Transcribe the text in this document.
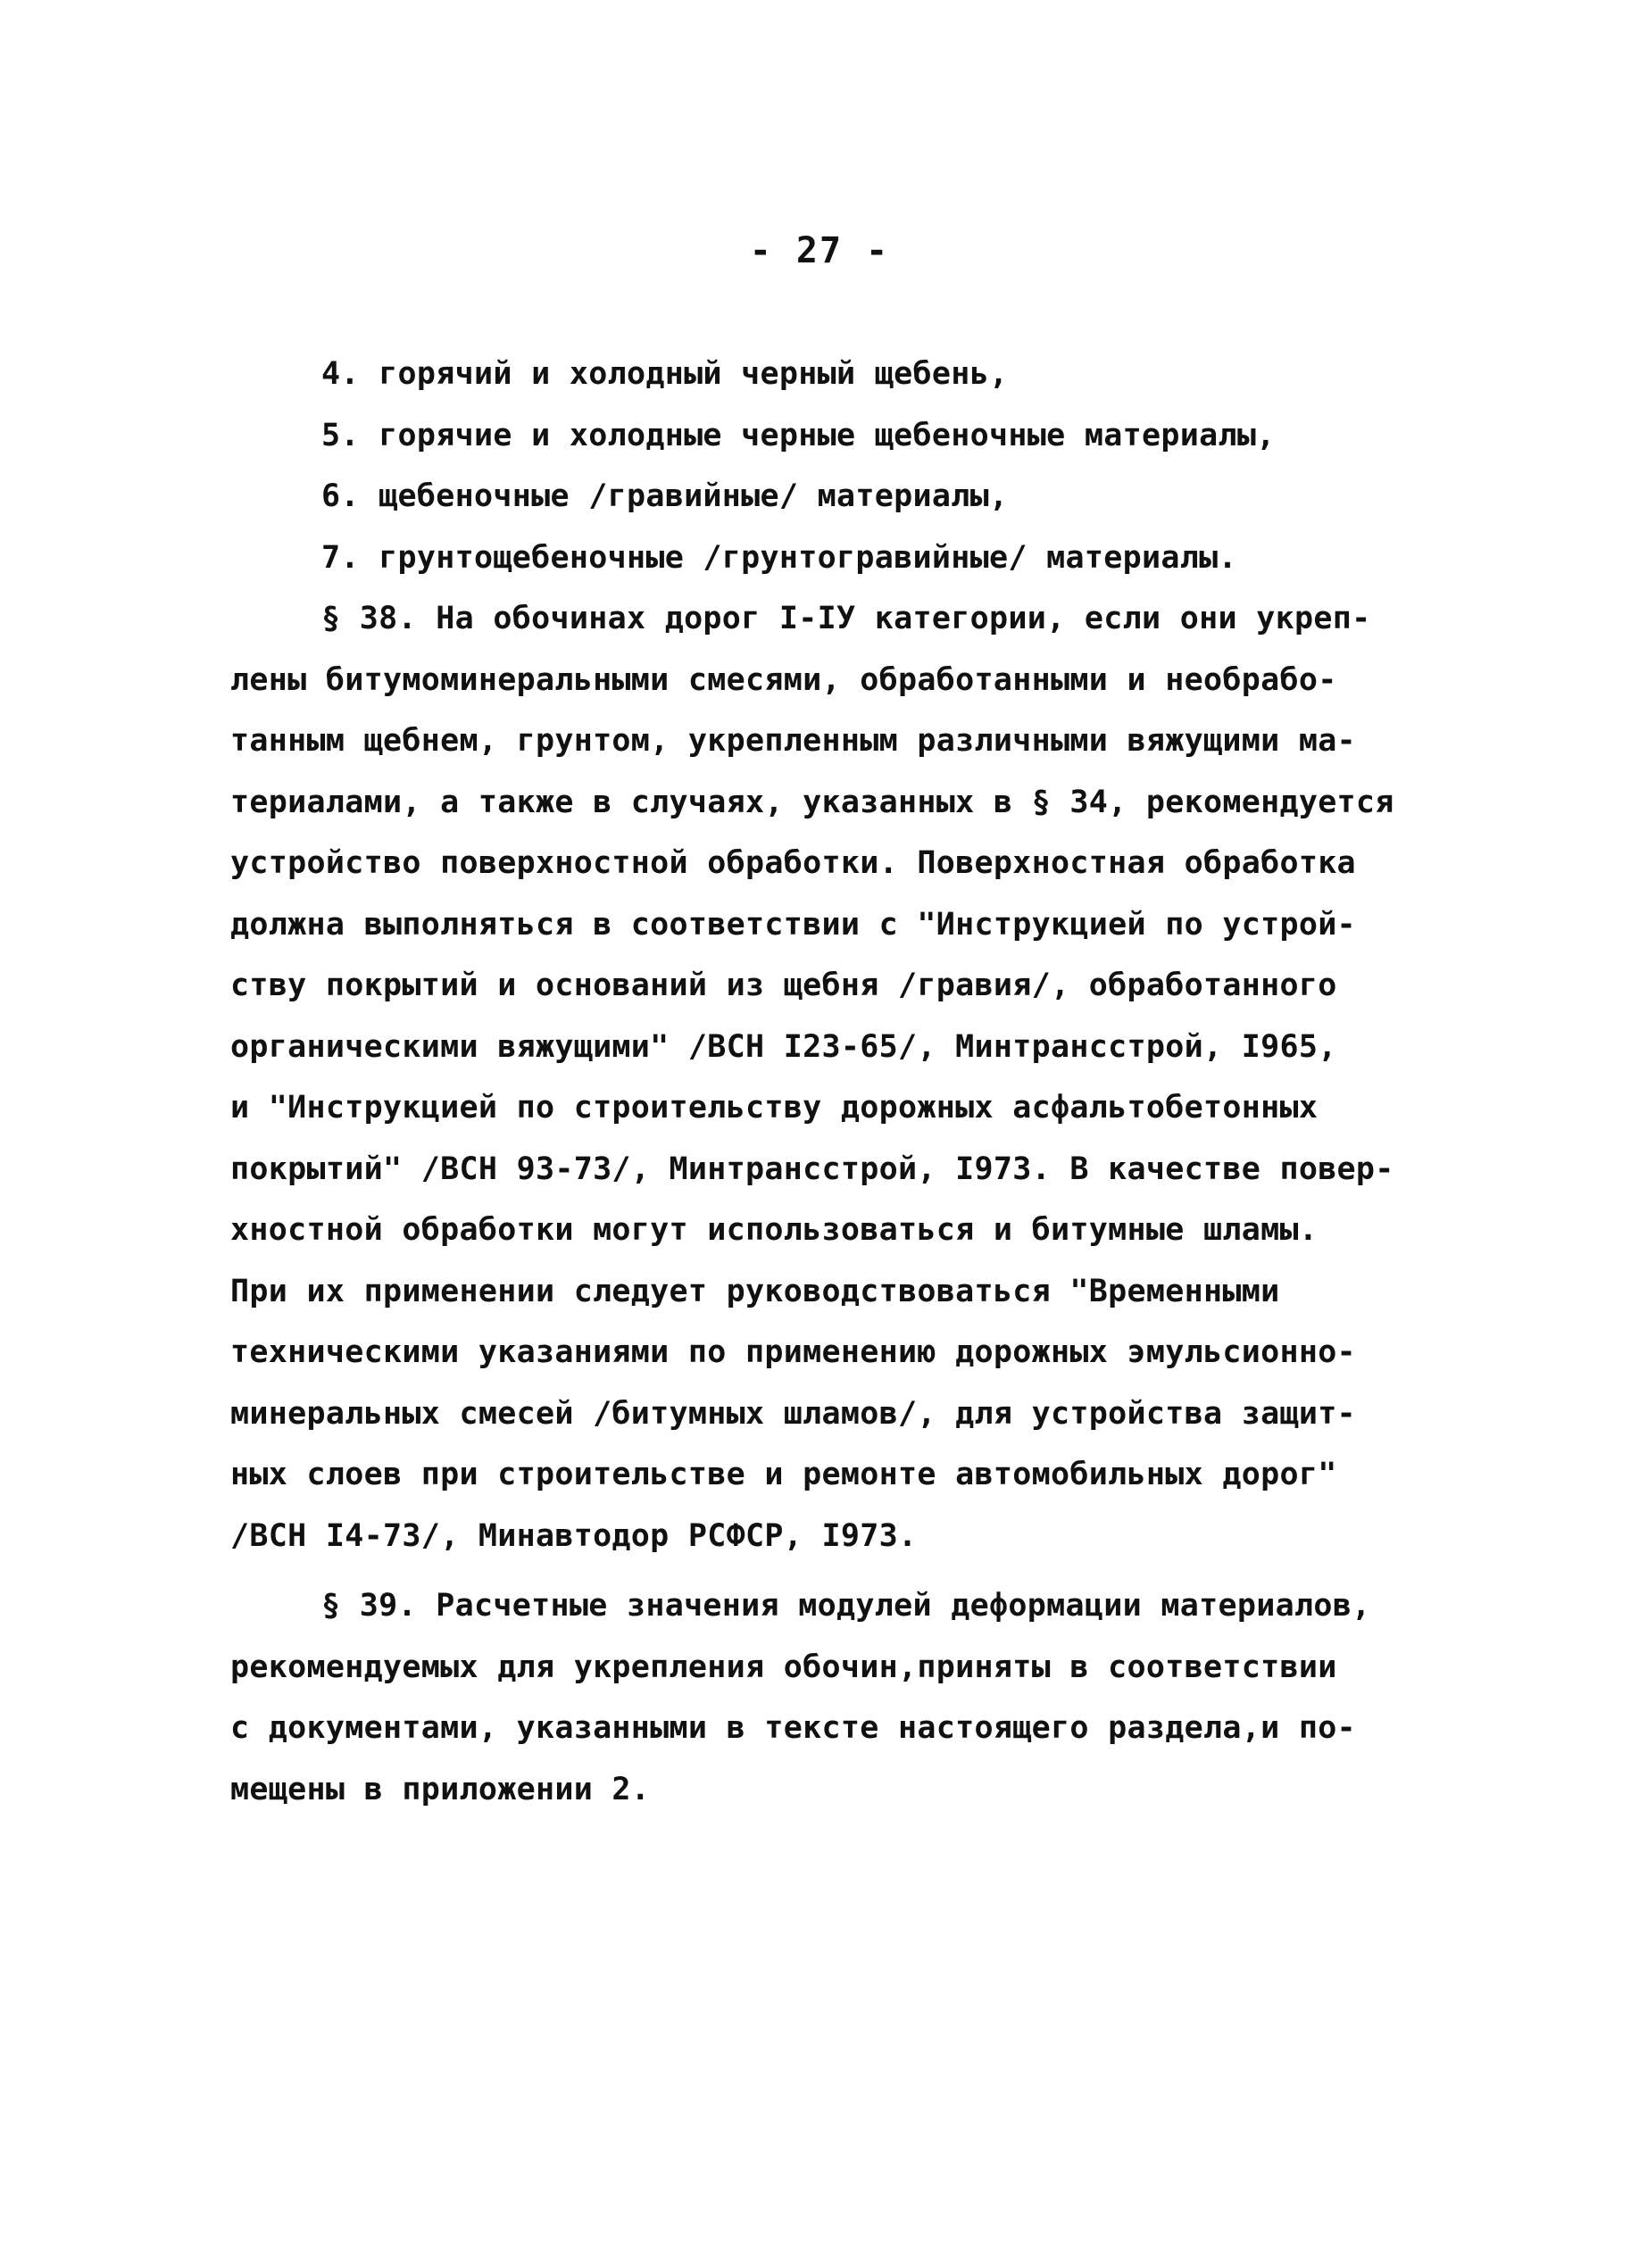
- 27 -
4. горячий и холодный черный щебень,
5. горячие и холодные черные щебеночные материалы,
6. щебеночные /гравийные/ материалы,
7. грунтощебеночные /грунтогравийные/ материалы.
§ 38. На обочинах дорог I-IУ категории, если они укреп-
лены битумоминеральными смесями, обработанными и необрабо-
танным щебнем, грунтом, укрепленным различными вяжущими ма-
териалами, а также в случаях, указанных в § 34, рекомендуется
устройство поверхностной обработки. Поверхностная обработка
должна выполняться в соответствии с "Инструкцией по устрой-
ству покрытий и оснований из щебня /гравия/, обработанного
органическими вяжущими" /ВСН I23-65/, Минтрансстрой, I965,
и "Инструкцией по строительству дорожных асфальтобетонных
покрытий" /ВСН 93-73/, Минтрансстрой, I973. В качестве повер-
хностной обработки могут использоваться и битумные шламы.
При их применении следует руководствоваться "Временными
техническими указаниями по применению дорожных эмульсионно-
минеральных смесей /битумных шламов/, для устройства защит-
ных слоев при строительстве и ремонте автомобильных дорог"
/ВСН I4-73/, Минавтодор РСФСР, I973.
§ 39. Расчетные значения модулей деформации материалов,
рекомендуемых для укрепления обочин,приняты в соответствии
с документами, указанными в тексте настоящего раздела,и по-
мещены в приложении 2.
